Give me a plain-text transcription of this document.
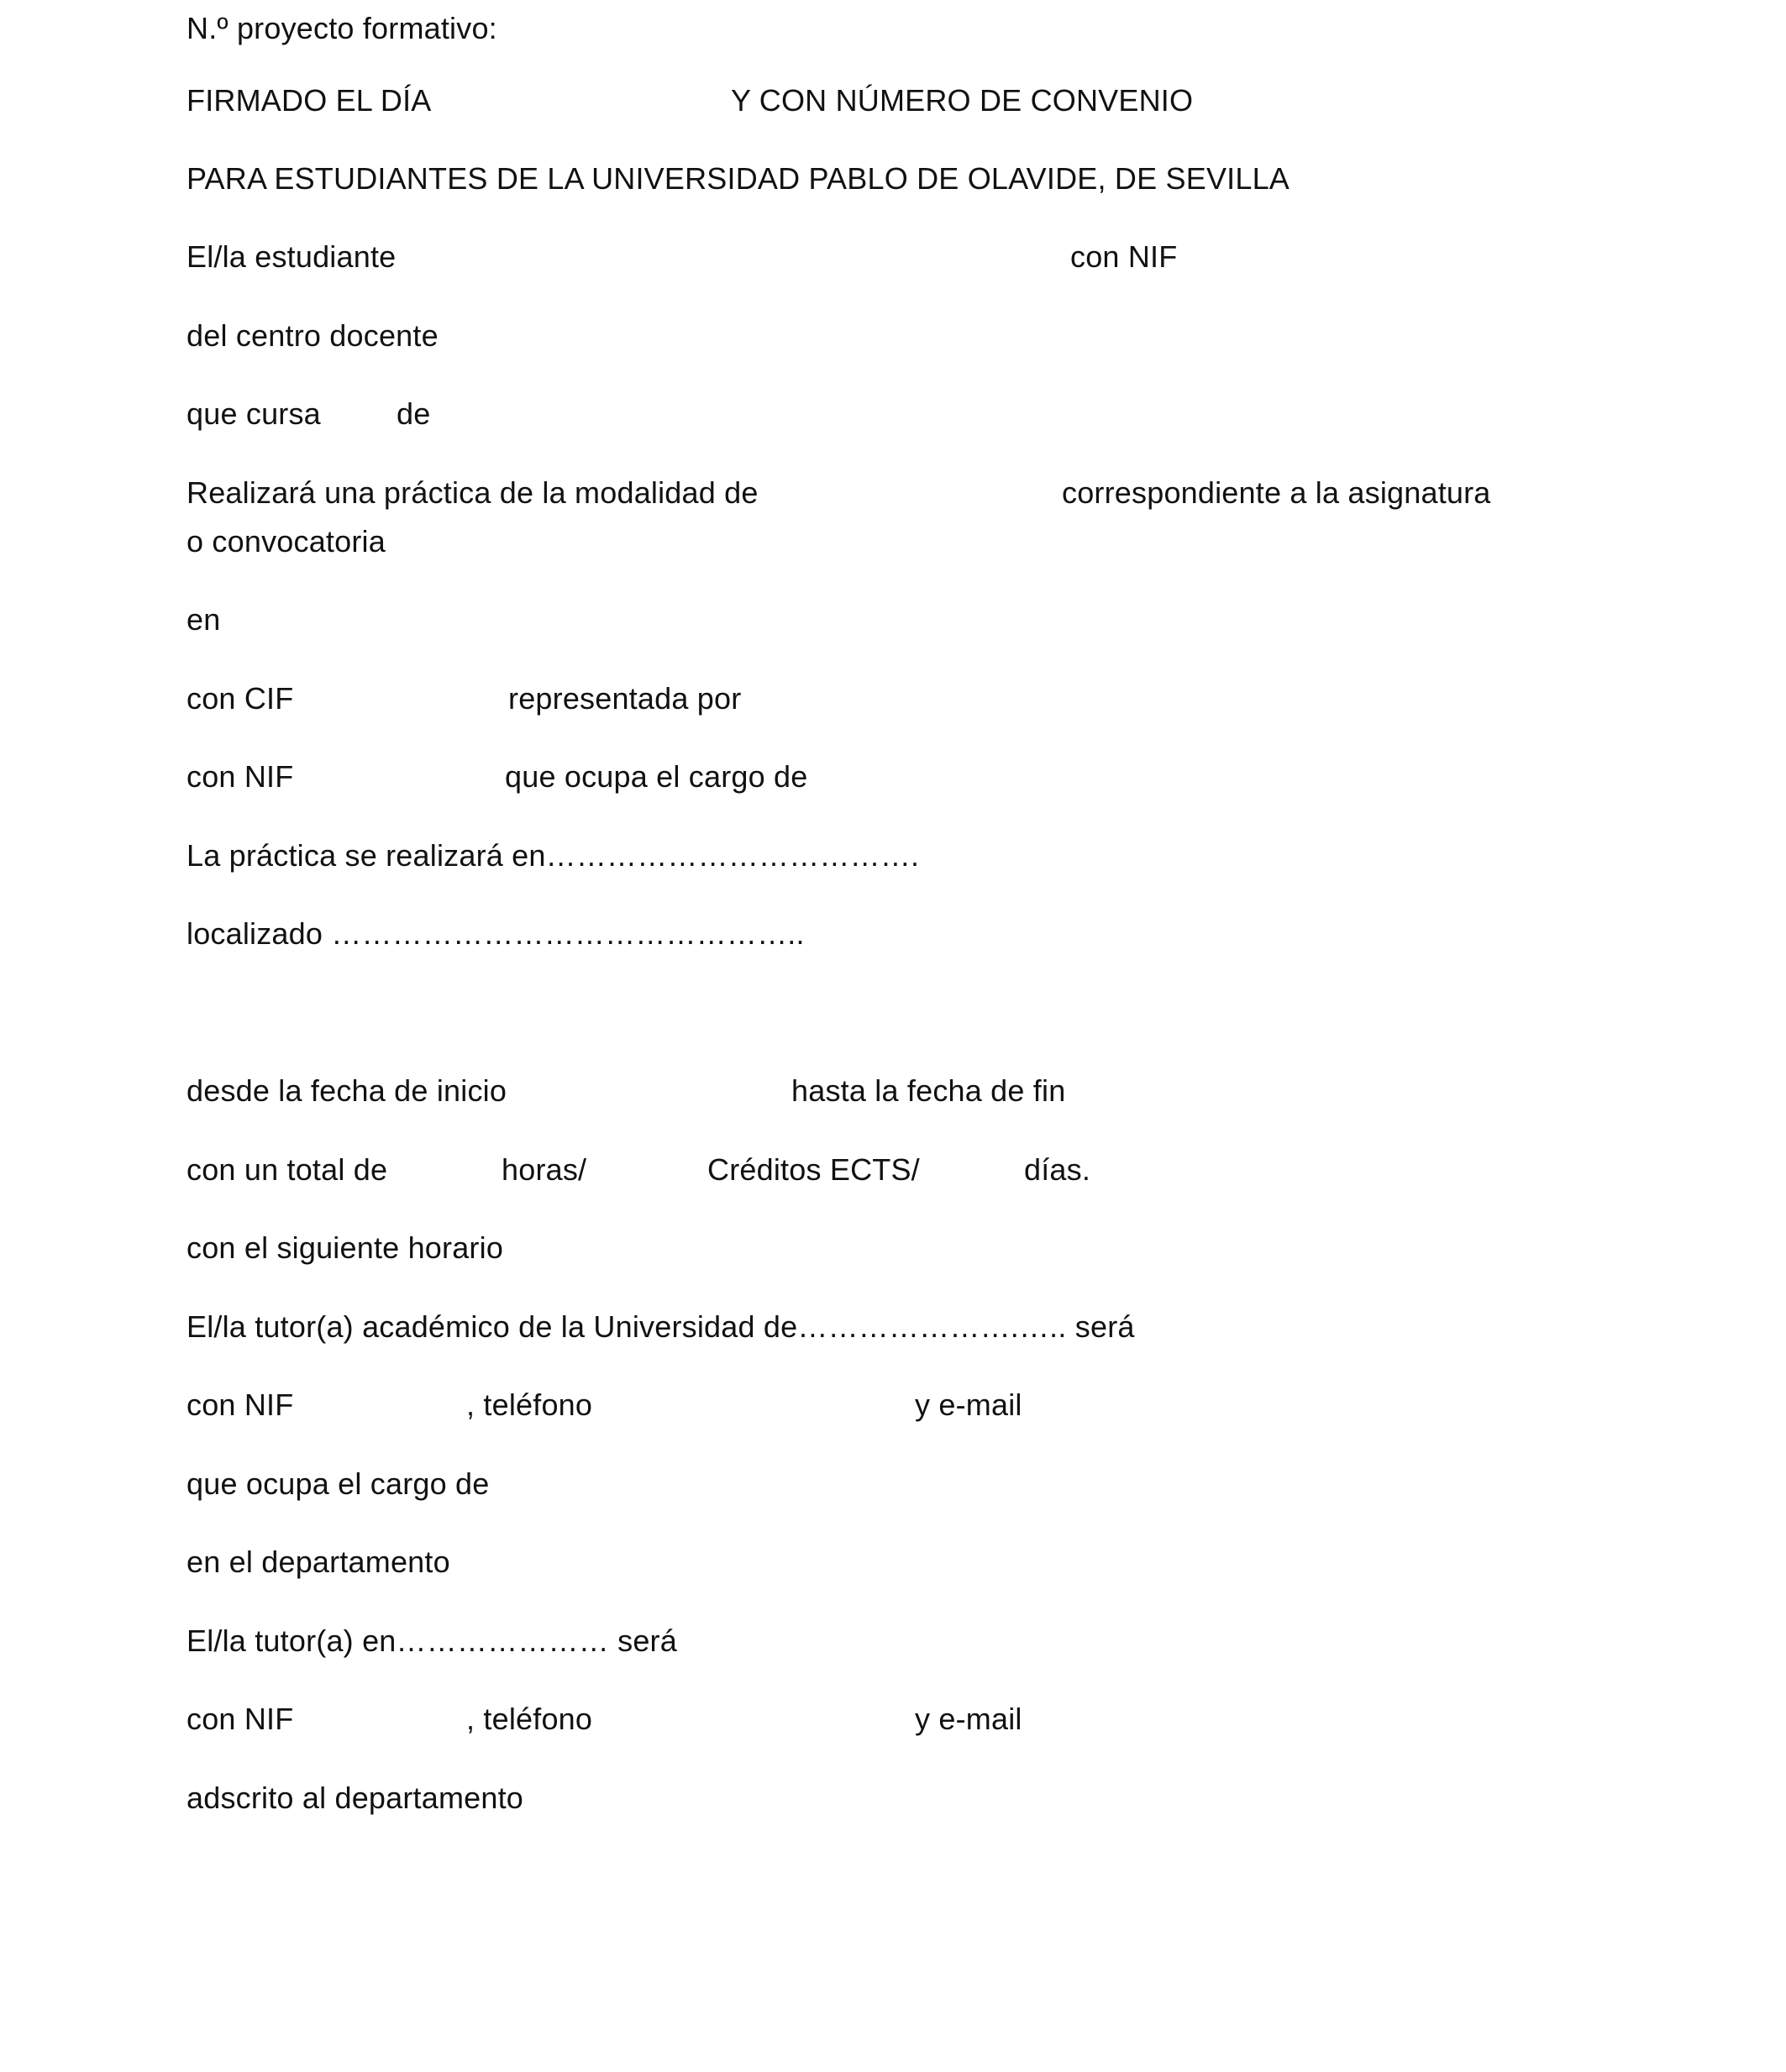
N.º proyecto formativo:
FIRMADO EL DÍA	Y CON NÚMERO DE CONVENIO
PARA ESTUDIANTES DE LA UNIVERSIDAD PABLO DE OLAVIDE, DE SEVILLA
El/la estudiante	con NIF
del centro docente
que cursa	de
Realizará una práctica de la modalidad de	correspondiente a la asignatura
o convocatoria
en
con CIF	representada por
con NIF	que ocupa el cargo de
La práctica se realizará en……………………………….
localizado ………………………………………..
desde la fecha de inicio	hasta la fecha de fin
con un total de	horas/	Créditos ECTS/	días.
con el siguiente horario
El/la tutor(a) académico de la Universidad de………………….….. será
con NIF	, teléfono	y e-mail
que ocupa el cargo de
en el departamento
El/la tutor(a) en………………… será
con NIF	, teléfono	y e-mail
adscrito al departamento
